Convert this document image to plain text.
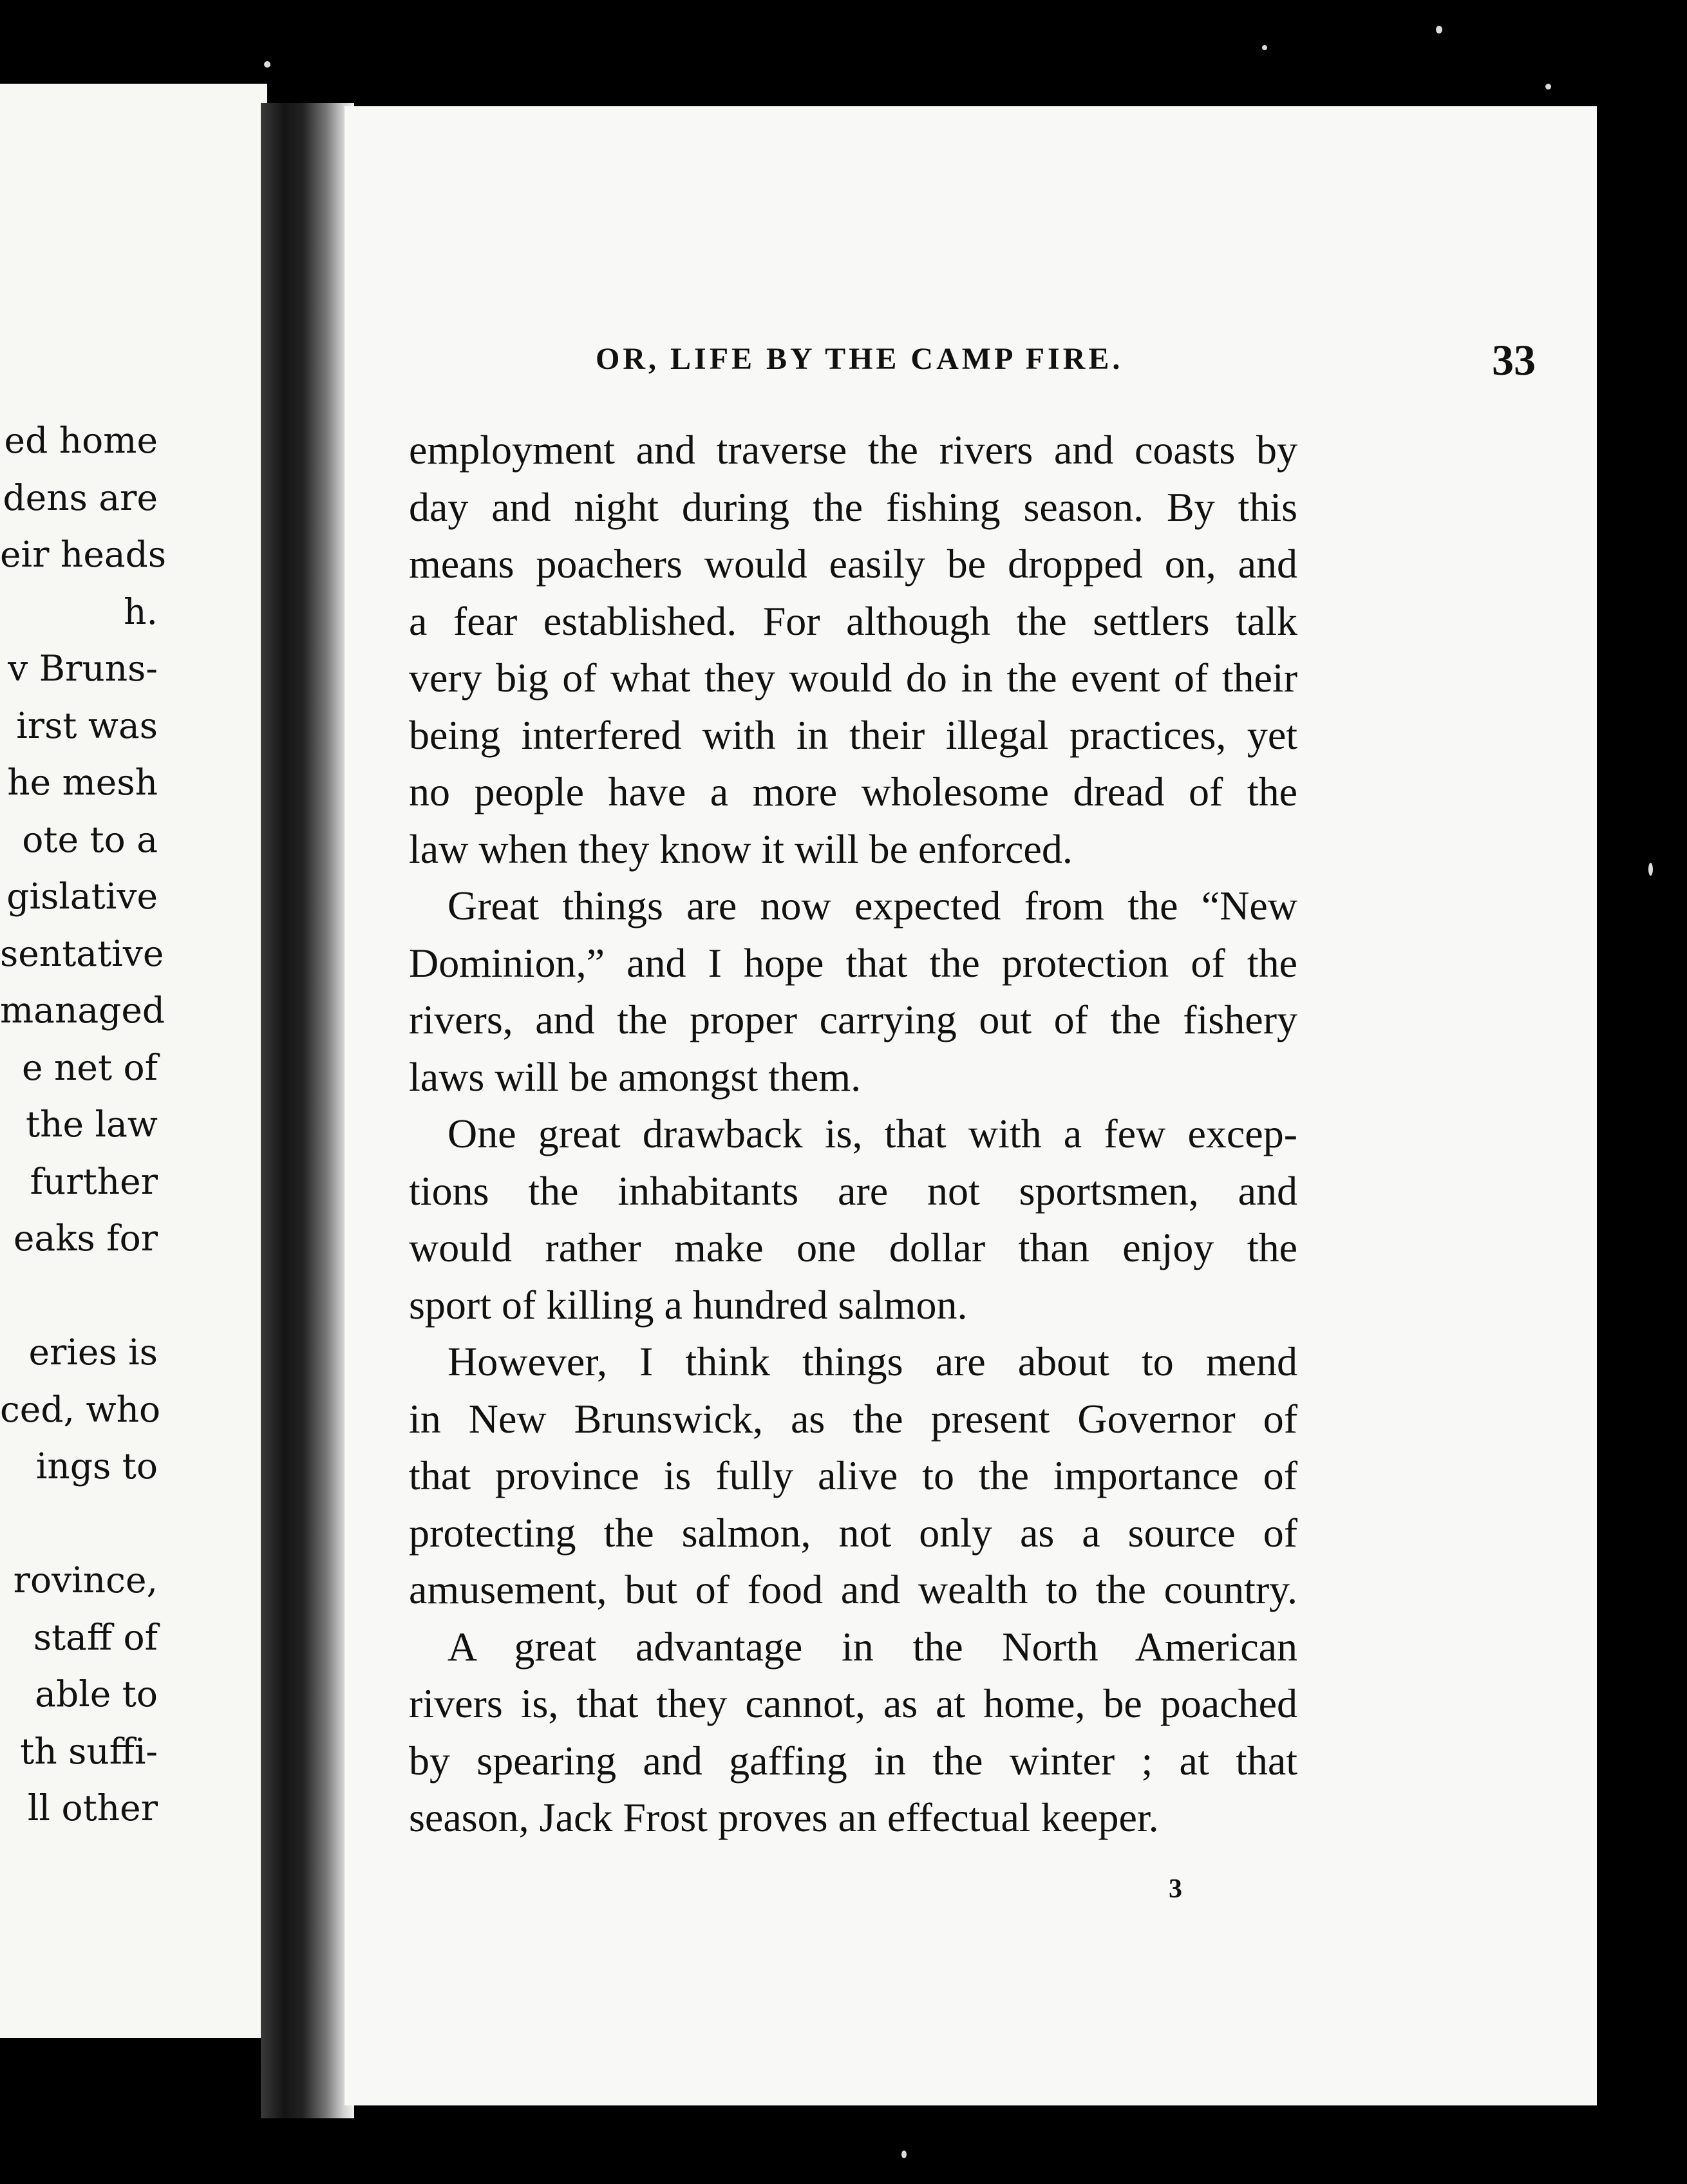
ed home
dens are
eir heads
h.
v Bruns-
irst was
he mesh
ote to a
gislative
sentative
managed
e net of
the law
further
eaks for
eries is
ced, who
ings to
rovince,
staff of
able to
th suffi-
ll other
OR, LIFE BY THE CAMP FIRE.	33
employment and traverse the rivers and coasts by
day and night during the fishing season. By this
means poachers would easily be dropped on, and
a fear established. For although the settlers talk
very big of what they would do in the event of their
being interfered with in their illegal practices, yet
no people have a more wholesome dread of the
law when they know it will be enforced.
Great things are now expected from the “New
Dominion,” and I hope that the protection of the
rivers, and the proper carrying out of the fishery
laws will be amongst them.
One great drawback is, that with a few excep-
tions the inhabitants are not sportsmen, and
would rather make one dollar than enjoy the
sport of killing a hundred salmon.
However, I think things are about to mend
in New Brunswick, as the present Governor of
that province is fully alive to the importance of
protecting the salmon, not only as a source of
amusement, but of food and wealth to the country.
A great advantage in the North American
rivers is, that they cannot, as at home, be poached
by spearing and gaffing in the winter ; at that
season, Jack Frost proves an effectual keeper.
3
